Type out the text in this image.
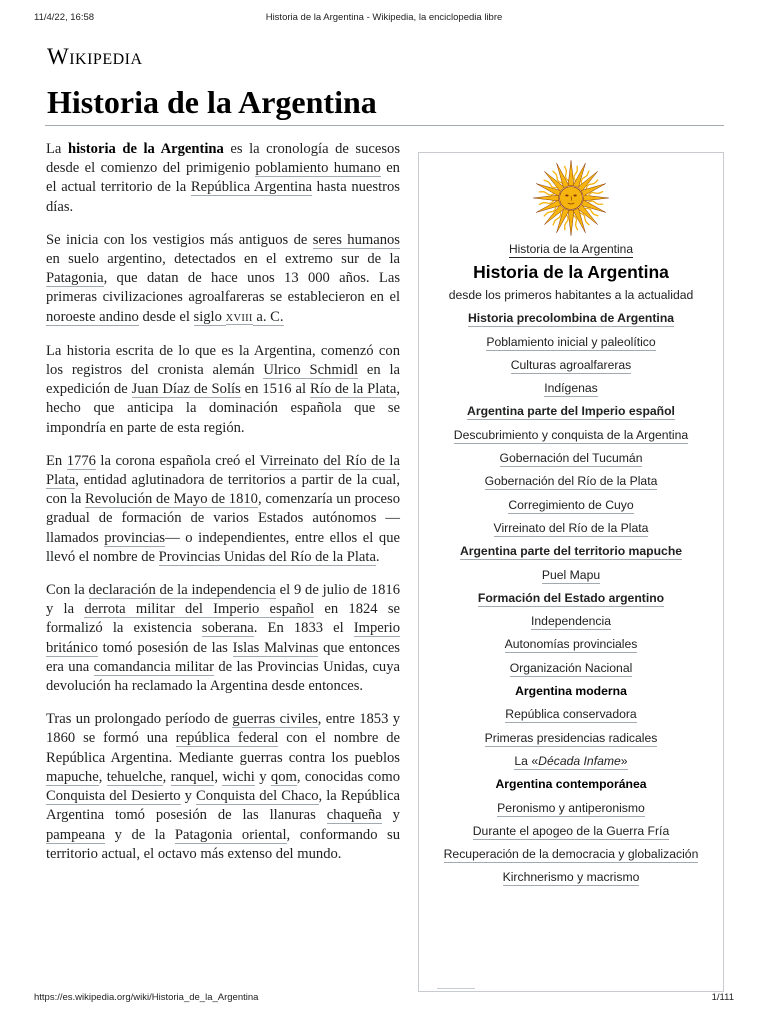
11/4/22, 16:58	Historia de la Argentina - Wikipedia, la enciclopedia libre
Wikipedia
Historia de la Argentina

La historia de la Argentina es la cronología de sucesos desde el comienzo del primigenio poblamiento humano en el actual territorio de la República Argentina hasta nuestros días.

Se inicia con los vestigios más antiguos de seres humanos en suelo argentino, detectados en el extremo sur de la Patagonia, que datan de hace unos 13 000 años. Las primeras civilizaciones agroalfareras se establecieron en el noroeste andino desde el siglo XVIII a. C.

La historia escrita de lo que es la Argentina, comenzó con los registros del cronista alemán Ulrico Schmidl en la expedición de Juan Díaz de Solís en 1516 al Río de la Plata, hecho que anticipa la dominación española que se impondría en parte de esta región.

En 1776 la corona española creó el Virreinato del Río de la Plata, entidad aglutinadora de territorios a partir de la cual, con la Revolución de Mayo de 1810, comenzaría un proceso gradual de formación de varios Estados autónomos —llamados provincias— o independientes, entre ellos el que llevó el nombre de Provincias Unidas del Río de la Plata.

Con la declaración de la independencia el 9 de julio de 1816 y la derrota militar del Imperio español en 1824 se formalizó la existencia soberana. En 1833 el Imperio británico tomó posesión de las Islas Malvinas que entonces era una comandancia militar de las Provincias Unidas, cuya devolución ha reclamado la Argentina desde entonces.

Tras un prolongado período de guerras civiles, entre 1853 y 1860 se formó una república federal con el nombre de República Argentina. Mediante guerras contra los pueblos mapuche, tehuelche, ranquel, wichi y qom, conocidas como Conquista del Desierto y Conquista del Chaco, la República Argentina tomó posesión de las llanuras chaqueña y pampeana y de la Patagonia oriental, conformando su territorio actual, el octavo más extenso del mundo.

Historia de la Argentina
Historia de la Argentina
desde los primeros habitantes a la actualidad
Historia precolombina de Argentina
Poblamiento inicial y paleolítico
Culturas agroalfareras
Indígenas
Argentina parte del Imperio español
Descubrimiento y conquista de la Argentina
Gobernación del Tucumán
Gobernación del Río de la Plata
Corregimiento de Cuyo
Virreinato del Río de la Plata
Argentina parte del territorio mapuche
Puel Mapu
Formación del Estado argentino
Independencia
Autonomías provinciales
Organización Nacional
Argentina moderna
República conservadora
Primeras presidencias radicales
La «Década Infame»
Argentina contemporánea
Peronismo y antiperonismo
Durante el apogeo de la Guerra Fría
Recuperación de la democracia y globalización
Kirchnerismo y macrismo
https://es.wikipedia.org/wiki/Historia_de_la_Argentina	1/111
